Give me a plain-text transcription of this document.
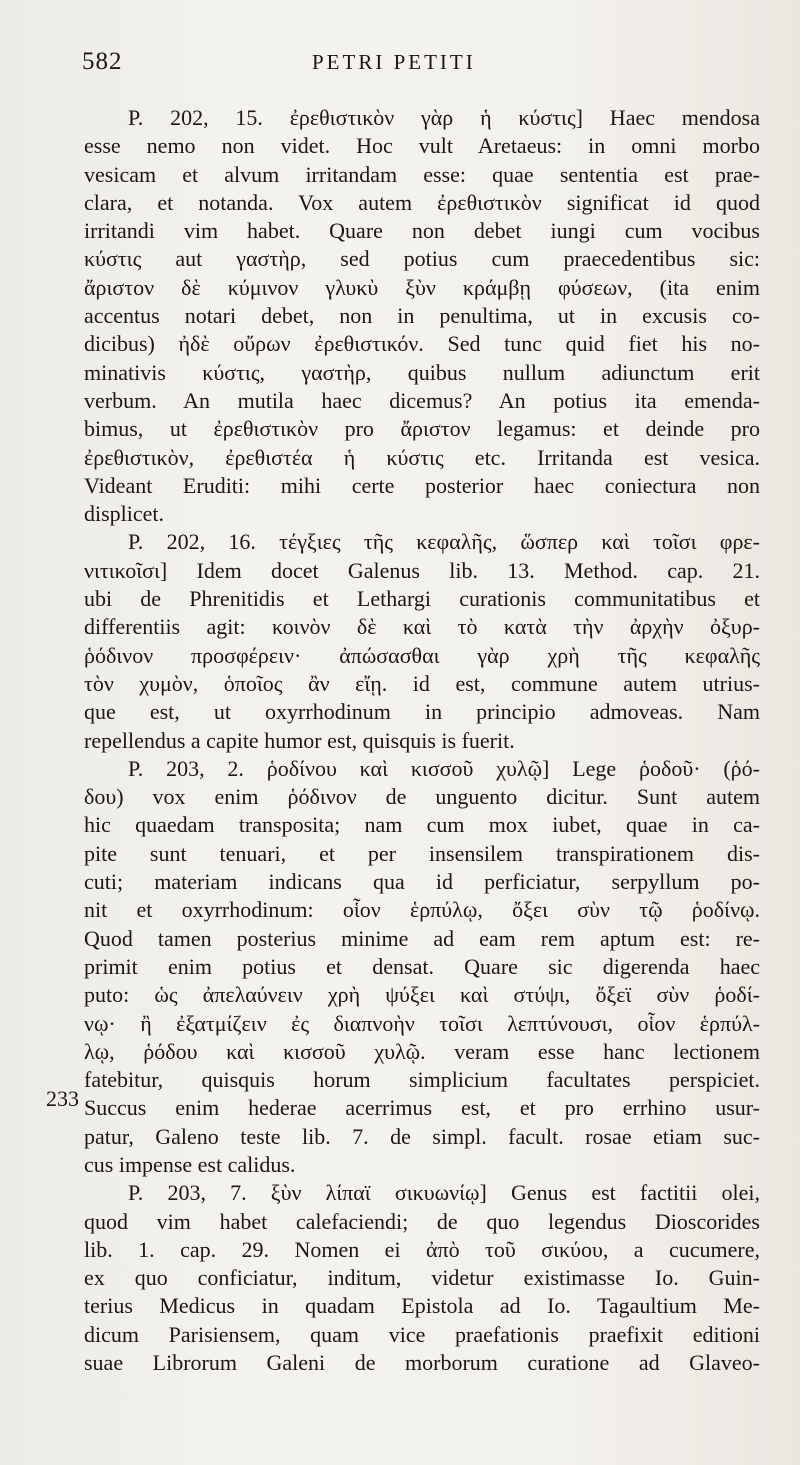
582	PETRI PETITI
233
P. 202, 15. ἐρεθιστικὸν γὰρ ἡ κύστις] Haec mendosa
esse nemo non videt. Hoc vult Aretaeus: in omni morbo
vesicam et alvum irritandam esse: quae sententia est prae-
clara, et notanda. Vox autem ἐρεθιστικὸν significat id quod
irritandi vim habet. Quare non debet iungi cum vocibus
κύστις aut γαστὴρ, sed potius cum praecedentibus sic:
ἄριστον δὲ κύμινον γλυκὺ ξὺν κράμβῃ φύσεων, (ita enim
accentus notari debet, non in penultima, ut in excusis co-
dicibus) ἠδὲ οὔρων ἐρεθιστικόν. Sed tunc quid fiet his no-
minativis κύστις, γαστὴρ, quibus nullum adiunctum erit
verbum. An mutila haec dicemus? An potius ita emenda-
bimus, ut ἐρεθιστικὸν pro ἄριστον legamus: et deinde pro
ἐρεθιστικὸν, ἐρεθιστέα ἡ κύστις etc. Irritanda est vesica.
Videant Eruditi: mihi certe posterior haec coniectura non
displicet.
P. 202, 16. τέγξιες τῆς κεφαλῆς, ὥσπερ καὶ τοῖσι φρε-
νιτικοῖσι] Idem docet Galenus lib. 13. Method. cap. 21.
ubi de Phrenitidis et Lethargi curationis communitatibus et
differentiis agit: κοινὸν δὲ καὶ τὸ κατὰ τὴν ἀρχὴν ὀξυρ-
ῥόδινον προσφέρειν· ἀπώσασθαι γὰρ χρὴ τῆς κεφαλῆς
τὸν χυμὸν, ὁποῖος ἂν εἴῃ. id est, commune autem utrius-
que est, ut oxyrrhodinum in principio admoveas. Nam
repellendus a capite humor est, quisquis is fuerit.
P. 203, 2. ῥοδίνου καὶ κισσοῦ χυλῷ] Lege ῥοδοῦ· (ῥό-
δου) vox enim ῥόδινον de unguento dicitur. Sunt autem
hic quaedam transposita; nam cum mox iubet, quae in ca-
pite sunt tenuari, et per insensilem transpirationem dis-
cuti; materiam indicans qua id perficiatur, serpyllum po-
nit et oxyrrhodinum: οἷον ἑρπύλῳ, ὄξει σὺν τῷ ῥοδίνῳ.
Quod tamen posterius minime ad eam rem aptum est: re-
primit enim potius et densat. Quare sic digerenda haec
puto: ὡς ἀπελαύνειν χρὴ ψύξει καὶ στύψι, ὄξεϊ σὺν ῥοδί-
νῳ· ἢ ἐξατμίζειν ἐς διαπνοὴν τοῖσι λεπτύνουσι, οἷον ἑρπύλ-
λῳ, ῥόδου καὶ κισσοῦ χυλῷ. veram esse hanc lectionem
fatebitur, quisquis horum simplicium facultates perspiciet.
Succus enim hederae acerrimus est, et pro errhino usur-
patur, Galeno teste lib. 7. de simpl. facult. rosae etiam suc-
cus impense est calidus.
P. 203, 7. ξὺν λίπαϊ σικυωνίῳ] Genus est factitii olei,
quod vim habet calefaciendi; de quo legendus Dioscorides
lib. 1. cap. 29. Nomen ei ἀπὸ τοῦ σικύου, a cucumere,
ex quo conficiatur, inditum, videtur existimasse Io. Guin-
terius Medicus in quadam Epistola ad Io. Tagaultium Me-
dicum Parisiensem, quam vice praefationis praefixit editioni
suae Librorum Galeni de morborum curatione ad Glaveo-
